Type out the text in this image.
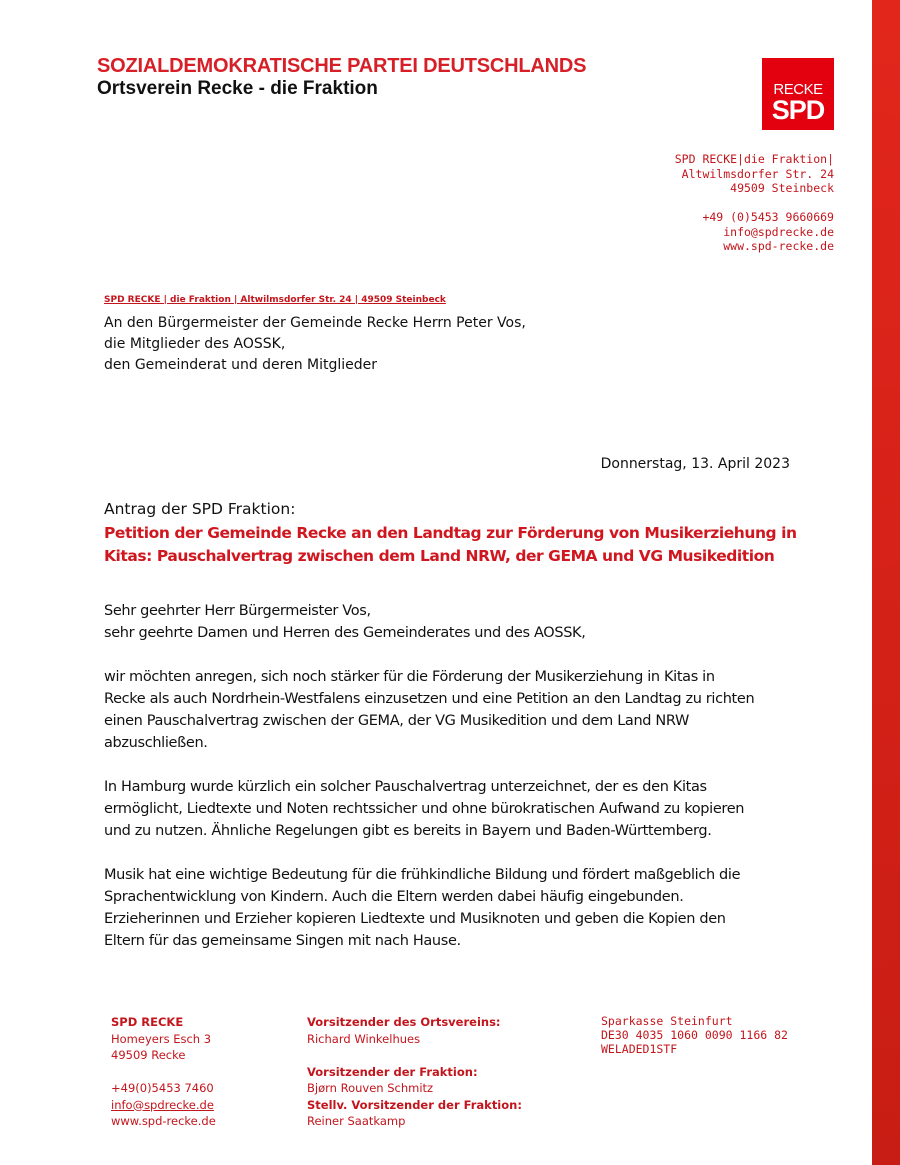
SOZIALDEMOKRATISCHE PARTEI DEUTSCHLANDS
Ortsverein Recke - die Fraktion	RECKE
SPD
SPD RECKE|die Fraktion|
Altwilmsdorfer Str. 24
49509 Steinbeck
+49 (0)5453 9660669
info@spdrecke.de
www.spd-recke.de
SPD RECKE | die Fraktion | Altwilmsdorfer Str. 24 | 49509 Steinbeck
An den Bürgermeister der Gemeinde Recke Herrn Peter Vos,
die Mitglieder des AOSSK,
den Gemeinderat und deren Mitglieder
Donnerstag, 13. April 2023
Antrag der SPD Fraktion:
Petition der Gemeinde Recke an den Landtag zur Förderung von Musikerziehung in
Kitas: Pauschalvertrag zwischen dem Land NRW, der GEMA und VG Musikedition
Sehr geehrter Herr Bürgermeister Vos,
sehr geehrte Damen und Herren des Gemeinderates und des AOSSK,
wir möchten anregen, sich noch stärker für die Förderung der Musikerziehung in Kitas in
Recke als auch Nordrhein-Westfalens einzusetzen und eine Petition an den Landtag zu richten
einen Pauschalvertrag zwischen der GEMA, der VG Musikedition und dem Land NRW
abzuschließen.
In Hamburg wurde kürzlich ein solcher Pauschalvertrag unterzeichnet, der es den Kitas
ermöglicht, Liedtexte und Noten rechtssicher und ohne bürokratischen Aufwand zu kopieren
und zu nutzen. Ähnliche Regelungen gibt es bereits in Bayern und Baden-Württemberg.
Musik hat eine wichtige Bedeutung für die frühkindliche Bildung und fördert maßgeblich die
Sprachentwicklung von Kindern. Auch die Eltern werden dabei häufig eingebunden.
Erzieherinnen und Erzieher kopieren Liedtexte und Musiknoten und geben die Kopien den
Eltern für das gemeinsame Singen mit nach Hause.
SPD RECKE
Homeyers Esch 3
49509 Recke
+49(0)5453 7460
info@spdrecke.de
www.spd-recke.de
Vorsitzender des Ortsvereins:
Richard Winkelhues
Vorsitzender der Fraktion:
Bjørn Rouven Schmitz
Stellv. Vorsitzender der Fraktion:
Reiner Saatkamp
Sparkasse Steinfurt
DE30 4035 1060 0090 1166 82
WELADED1STF
